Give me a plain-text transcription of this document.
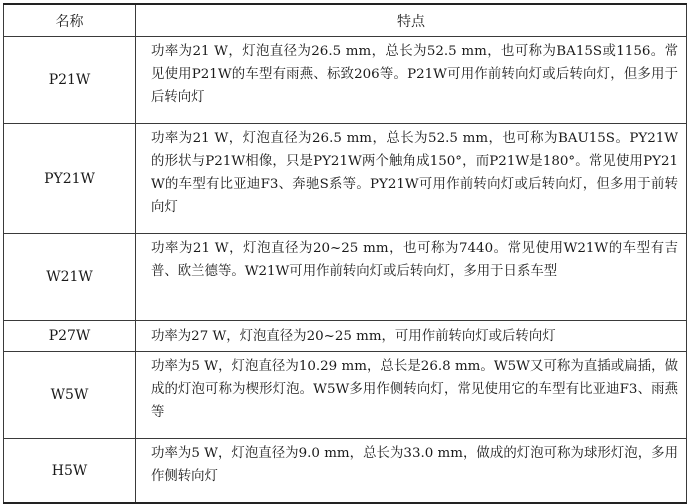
名称	特点
P21W	功率为21 W，灯泡直径为26.5 mm，总长为52.5 mm，也可称为BA15S或1156。常见使用P21W的车型有雨燕、标致206等。P21W可用作前转向灯或后转向灯，但多用于后转向灯
PY21W	功率为21 W，灯泡直径为26.5 mm，总长为52.5 mm，也可称为BAU15S。PY21W的形状与P21W相像，只是PY21W两个触角成150°，而P21W是180°。常见使用PY21W的车型有比亚迪F3、奔驰S系等。PY21W可用作前转向灯或后转向灯，但多用于前转向灯
W21W	功率为21 W，灯泡直径为20~25 mm，也可称为7440。常见使用W21W的车型有吉普、欧兰德等。W21W可用作前转向灯或后转向灯，多用于日系车型
P27W	功率为27 W，灯泡直径为20~25 mm，可用作前转向灯或后转向灯
W5W	功率为5 W，灯泡直径为10.29 mm，总长是26.8 mm。W5W又可称为直插或扁插，做成的灯泡可称为楔形灯泡。W5W多用作侧转向灯，常见使用它的车型有比亚迪F3、雨燕等
H5W	功率为5 W，灯泡直径为9.0 mm，总长为33.0 mm，做成的灯泡可称为球形灯泡，多用作侧转向灯
